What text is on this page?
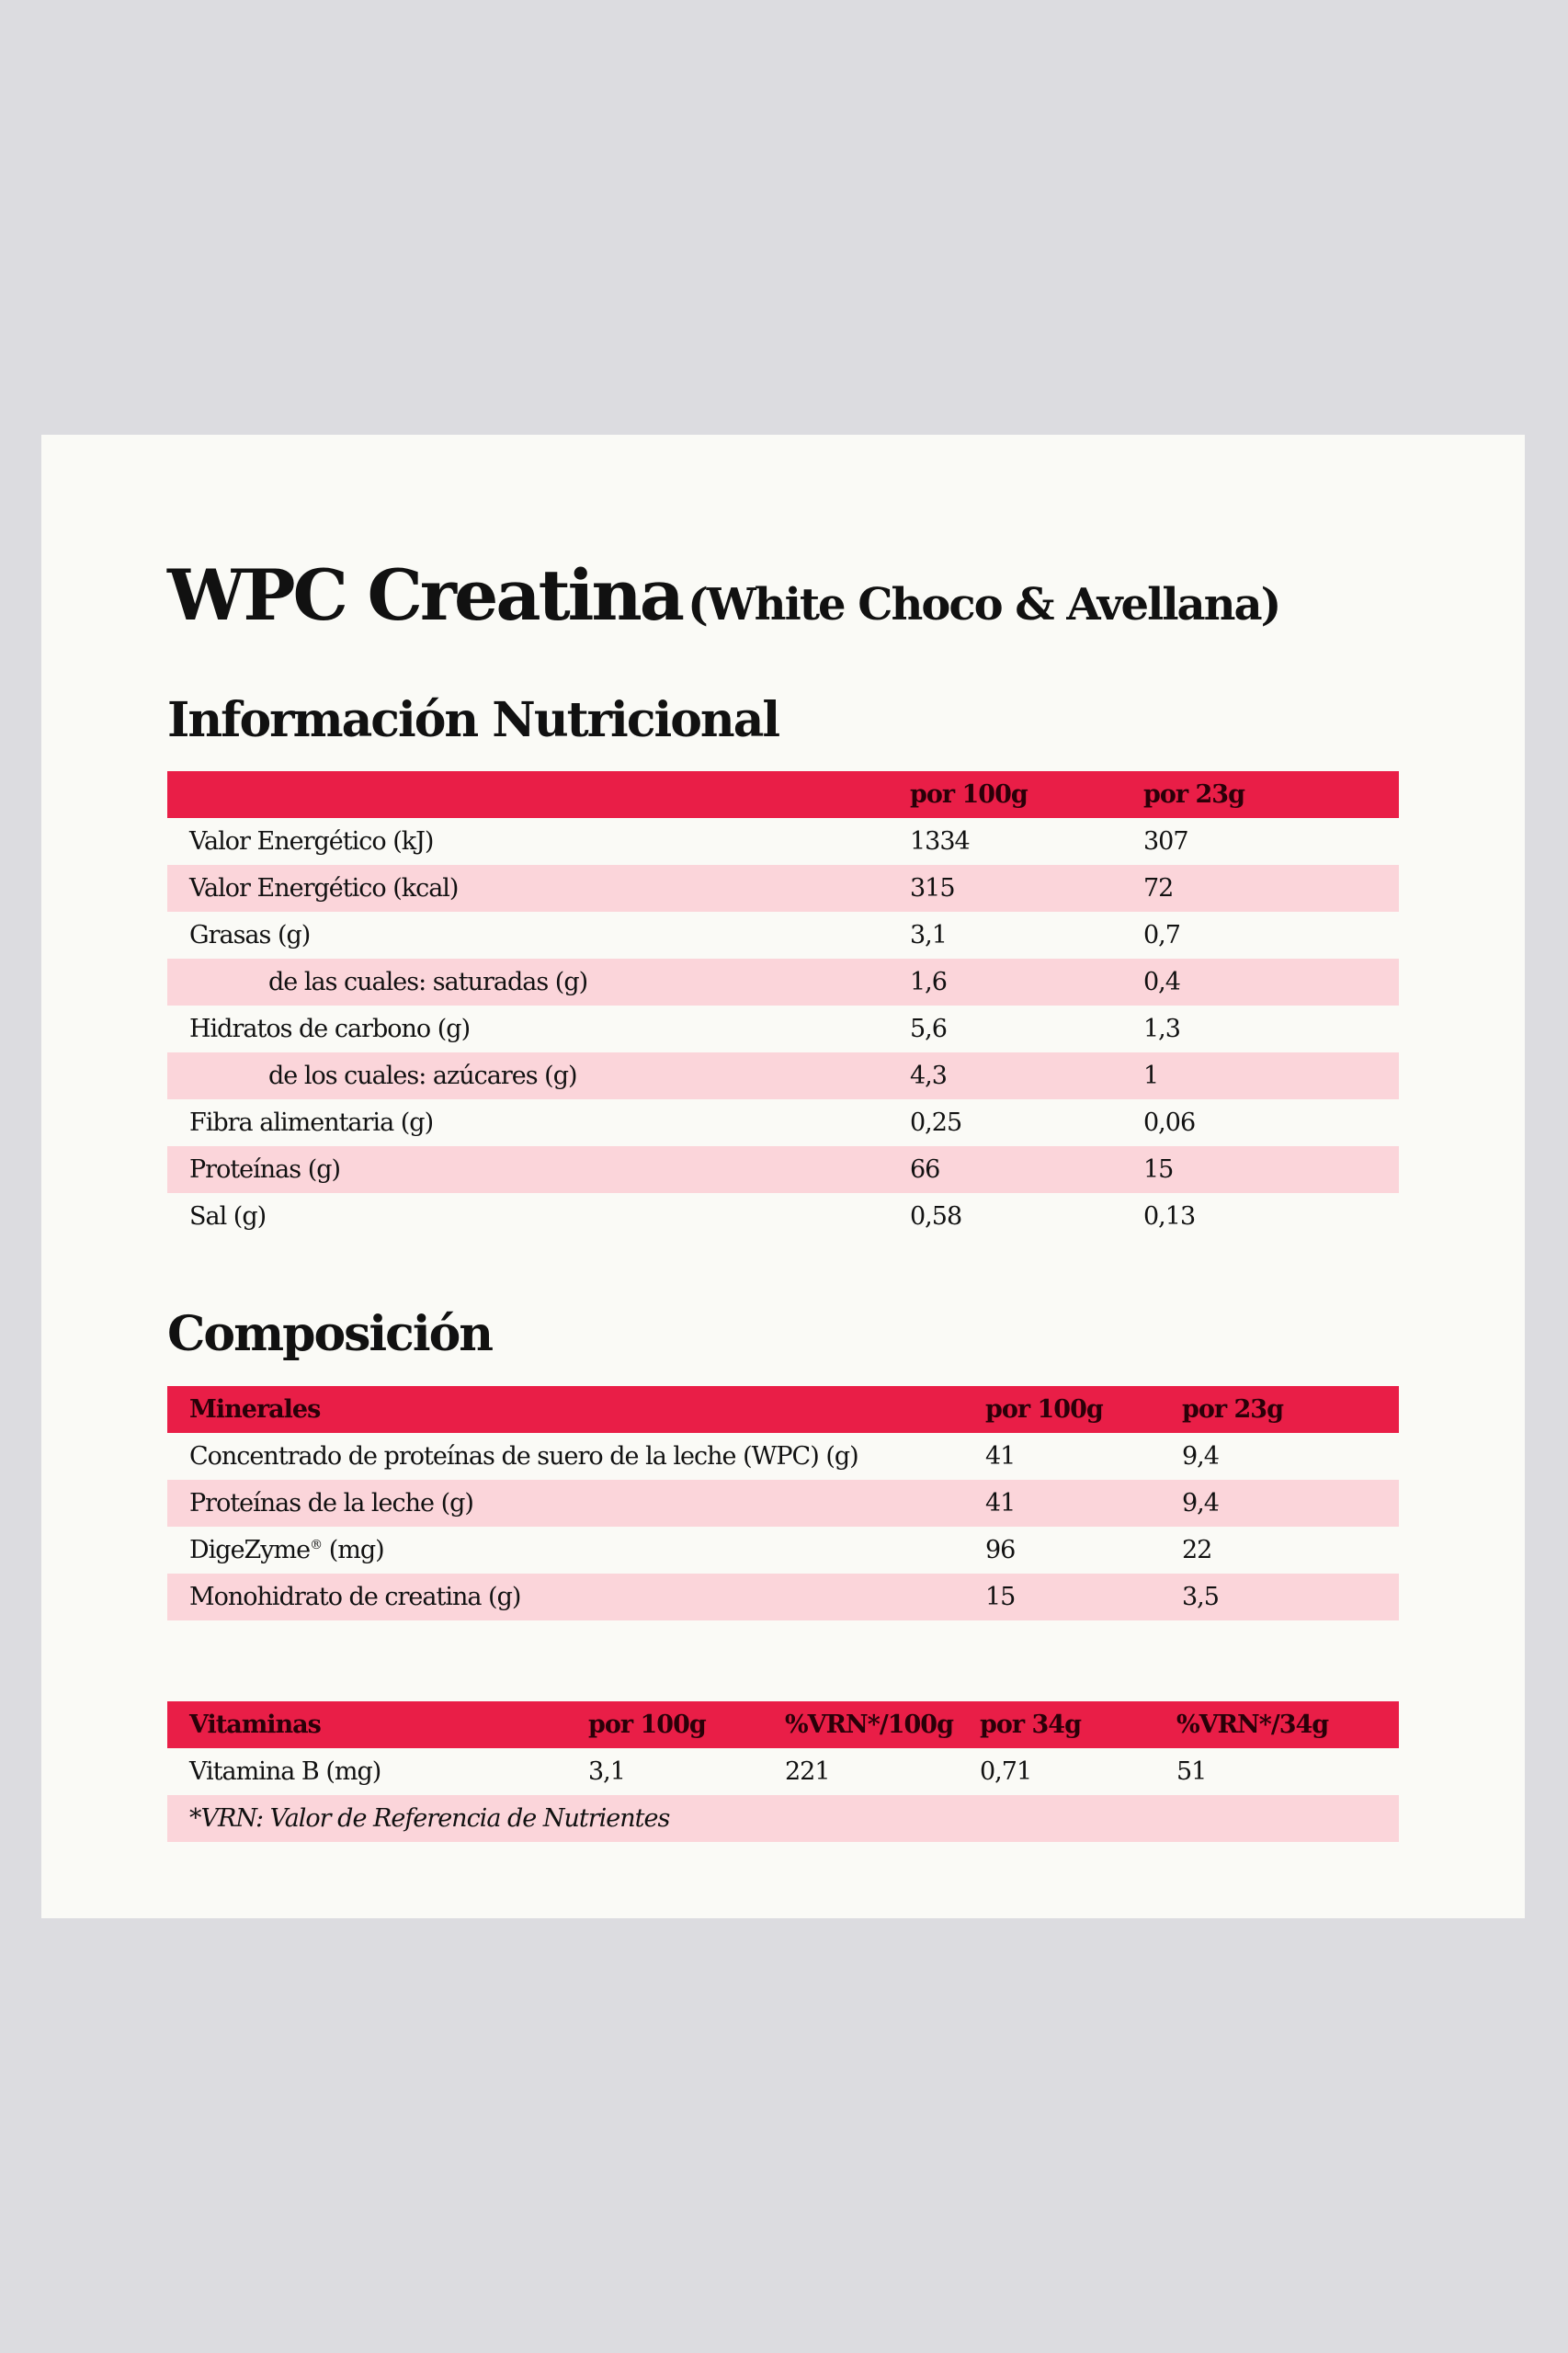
WPC Creatina (White Choco & Avellana)
Información Nutricional
	por 100g	por 23g
Valor Energético (kJ)	1334	307
Valor Energético (kcal)	315	72
Grasas (g)	3,1	0,7
de las cuales: saturadas (g)	1,6	0,4
Hidratos de carbono (g)	5,6	1,3
de los cuales: azúcares (g)	4,3	1
Fibra alimentaria (g)	0,25	0,06
Proteínas (g)	66	15
Sal (g)	0,58	0,13
Composición
Minerales	por 100g	por 23g
Concentrado de proteínas de suero de la leche (WPC) (g)	41	9,4
Proteínas de la leche (g)	41	9,4
DigeZyme® (mg)	96	22
Monohidrato de creatina (g)	15	3,5
Vitaminas	por 100g	%VRN*/100g	por 34g	%VRN*/34g
Vitamina B (mg)	3,1	221	0,71	51
*VRN: Valor de Referencia de Nutrientes				
